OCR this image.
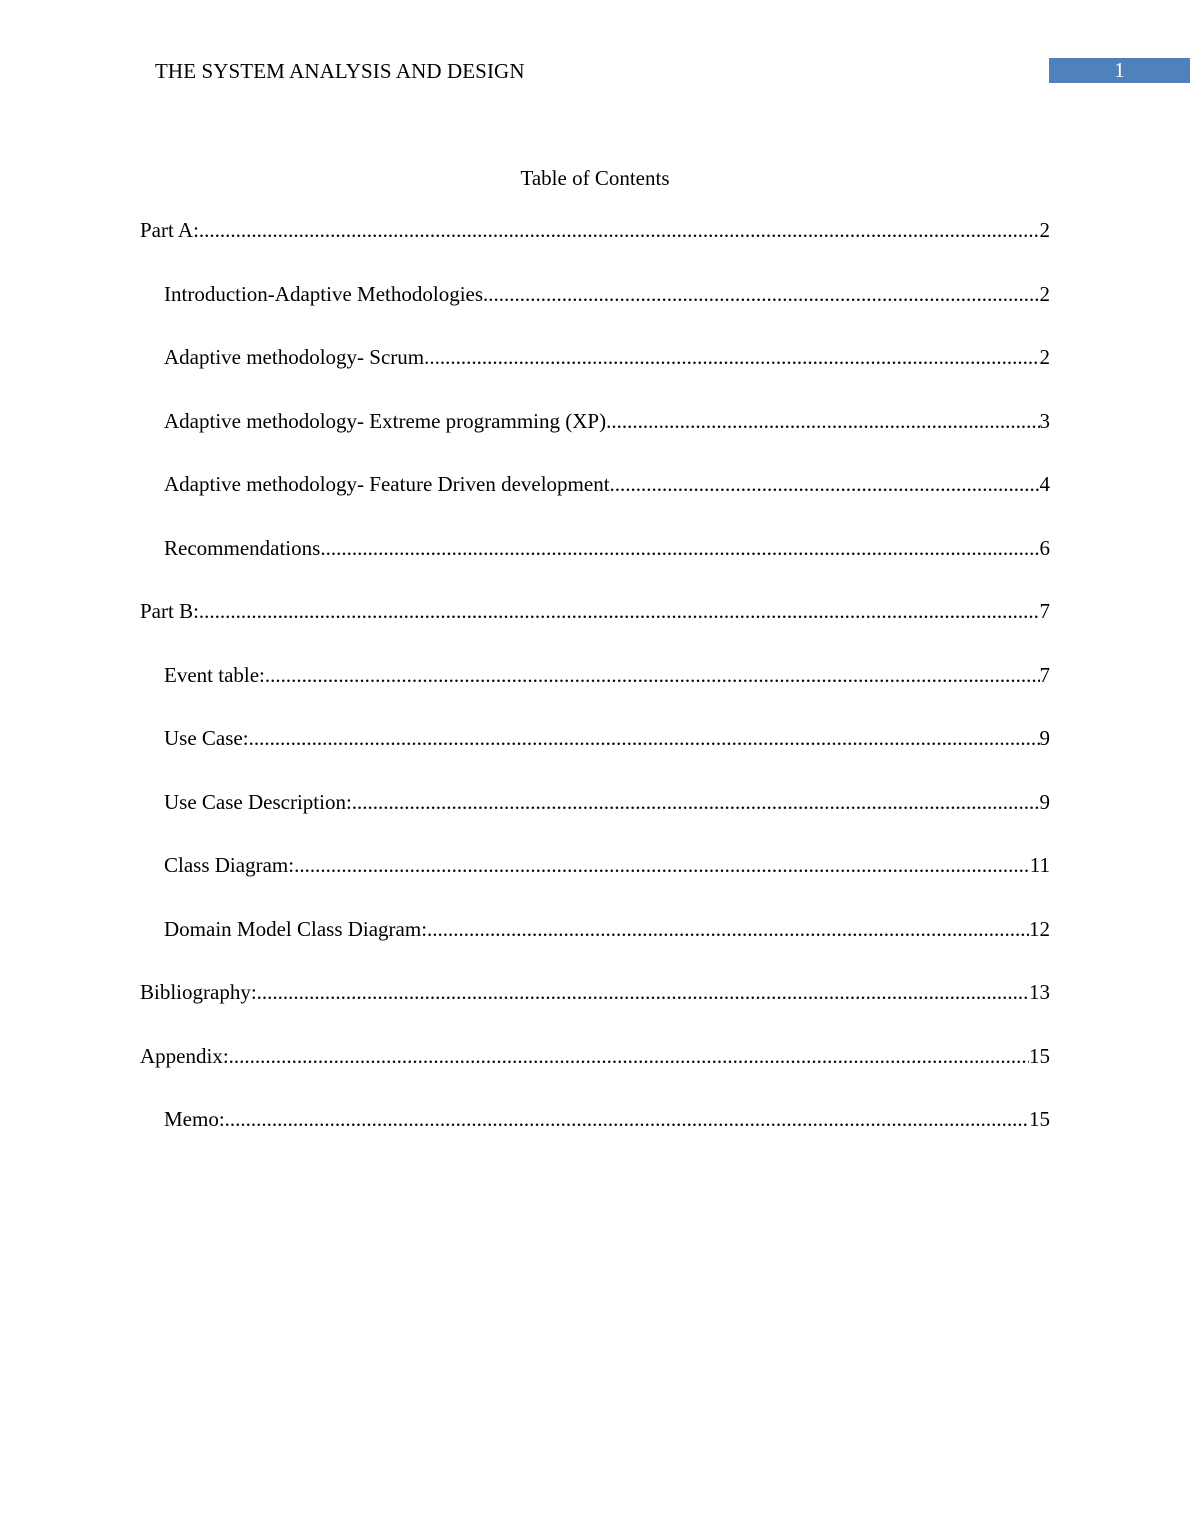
THE SYSTEM ANALYSIS AND DESIGN	1
Table of Contents
Part A: .....	2
Introduction-Adaptive Methodologies .....	2
Adaptive methodology- Scrum .....	2
Adaptive methodology- Extreme programming (XP) .....	3
Adaptive methodology- Feature Driven development .....	4
Recommendations .....	6
Part B: .....	7
Event table: .....	7
Use Case: .....	9
Use Case Description: .....	9
Class Diagram: .....	11
Domain Model Class Diagram: .....	12
Bibliography: .....	13
Appendix: .....	15
Memo: .....	15
